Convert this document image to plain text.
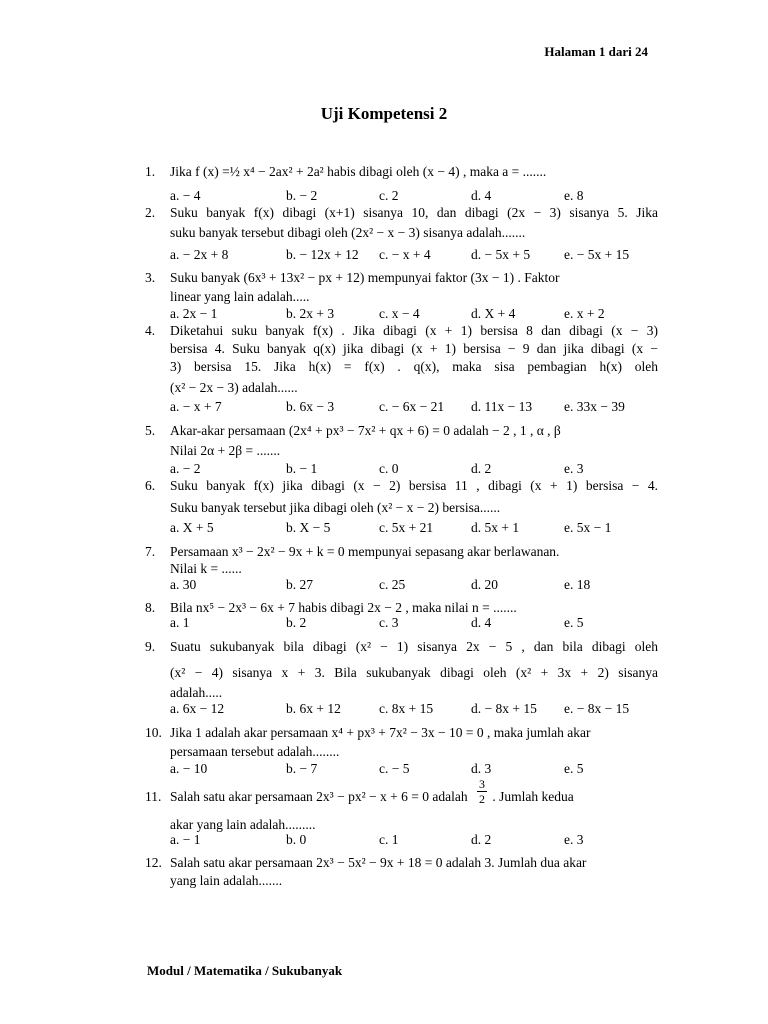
Halaman 1 dari 24
Uji Kompetensi 2
1. Jika f (x) =½ x⁴ − 2ax² + 2a² habis dibagi oleh (x − 4) , maka a = .......
a. − 4	b. − 2	c. 2	d. 4	e. 8
2. Suku banyak f(x) dibagi (x+1) sisanya 10, dan dibagi (2x − 3) sisanya 5. Jika
suku banyak tersebut dibagi oleh (2x² − x − 3) sisanya adalah.......
a. − 2x + 8	b. − 12x + 12 c. − x + 4	d. − 5x + 5	e. − 5x + 15
3. Suku banyak (6x³ + 13x² − px + 12) mempunyai faktor (3x − 1) . Faktor
linear yang lain adalah.....
a. 2x − 1	b. 2x + 3	c. x − 4	d. X + 4	e. x + 2
4. Diketahui suku banyak f(x) . Jika dibagi (x + 1) bersisa 8 dan dibagi (x − 3)
bersisa 4. Suku banyak q(x) jika dibagi (x + 1) bersisa − 9 dan jika dibagi (x −
3) bersisa 15. Jika h(x) = f(x) . q(x), maka sisa pembagian h(x) oleh
(x² − 2x − 3) adalah......
a. − x + 7	b. 6x − 3	c. − 6x − 21 d. 11x − 13 e. 33x − 39
5. Akar-akar persamaan (2x⁴ + px³ − 7x² + qx + 6) = 0 adalah − 2 , 1 , α , β
Nilai 2α + 2β = .......
a. − 2	b. − 1	c. 0	d. 2	e. 3
6. Suku banyak f(x) jika dibagi (x − 2) bersisa 11 , dibagi (x + 1) bersisa − 4.
Suku banyak tersebut jika dibagi oleh (x² − x − 2) bersisa......
a. X + 5	b. X − 5	c. 5x + 21	d. 5x + 1	e. 5x − 1
7. Persamaan x³ − 2x² − 9x + k = 0 mempunyai sepasang akar berlawanan.
Nilai k = ......
a. 30	b. 27	c. 25	d. 20	e. 18
8. Bila nx⁵ − 2x³ − 6x + 7 habis dibagi 2x − 2 , maka nilai n = .......
a. 1	b. 2	c. 3	d. 4	e. 5
9. Suatu sukubanyak bila dibagi (x² − 1) sisanya 2x − 5 , dan bila dibagi oleh
(x² − 4) sisanya x + 3. Bila sukubanyak dibagi oleh (x² + 3x + 2) sisanya
adalah.....
a. 6x − 12	b. 6x + 12	c. 8x + 15	d. − 8x + 15 e. − 8x − 15
10. Jika 1 adalah akar persamaan x⁴ + px³ + 7x² − 3x − 10 = 0 , maka jumlah akar
persamaan tersebut adalah........
a. − 10	b. − 7	c. − 5	d. 3	e. 5
11. Salah satu akar persamaan 2x³ − px² − x + 6 = 0 adalah $\frac{3}{2}$ . Jumlah kedua
akar yang lain adalah.........
a. − 1	b. 0	c. 1	d. 2	e. 3
12. Salah satu akar persamaan 2x³ − 5x² − 9x + 18 = 0 adalah 3. Jumlah dua akar
yang lain adalah.......
Modul / Matematika / Sukubanyak
